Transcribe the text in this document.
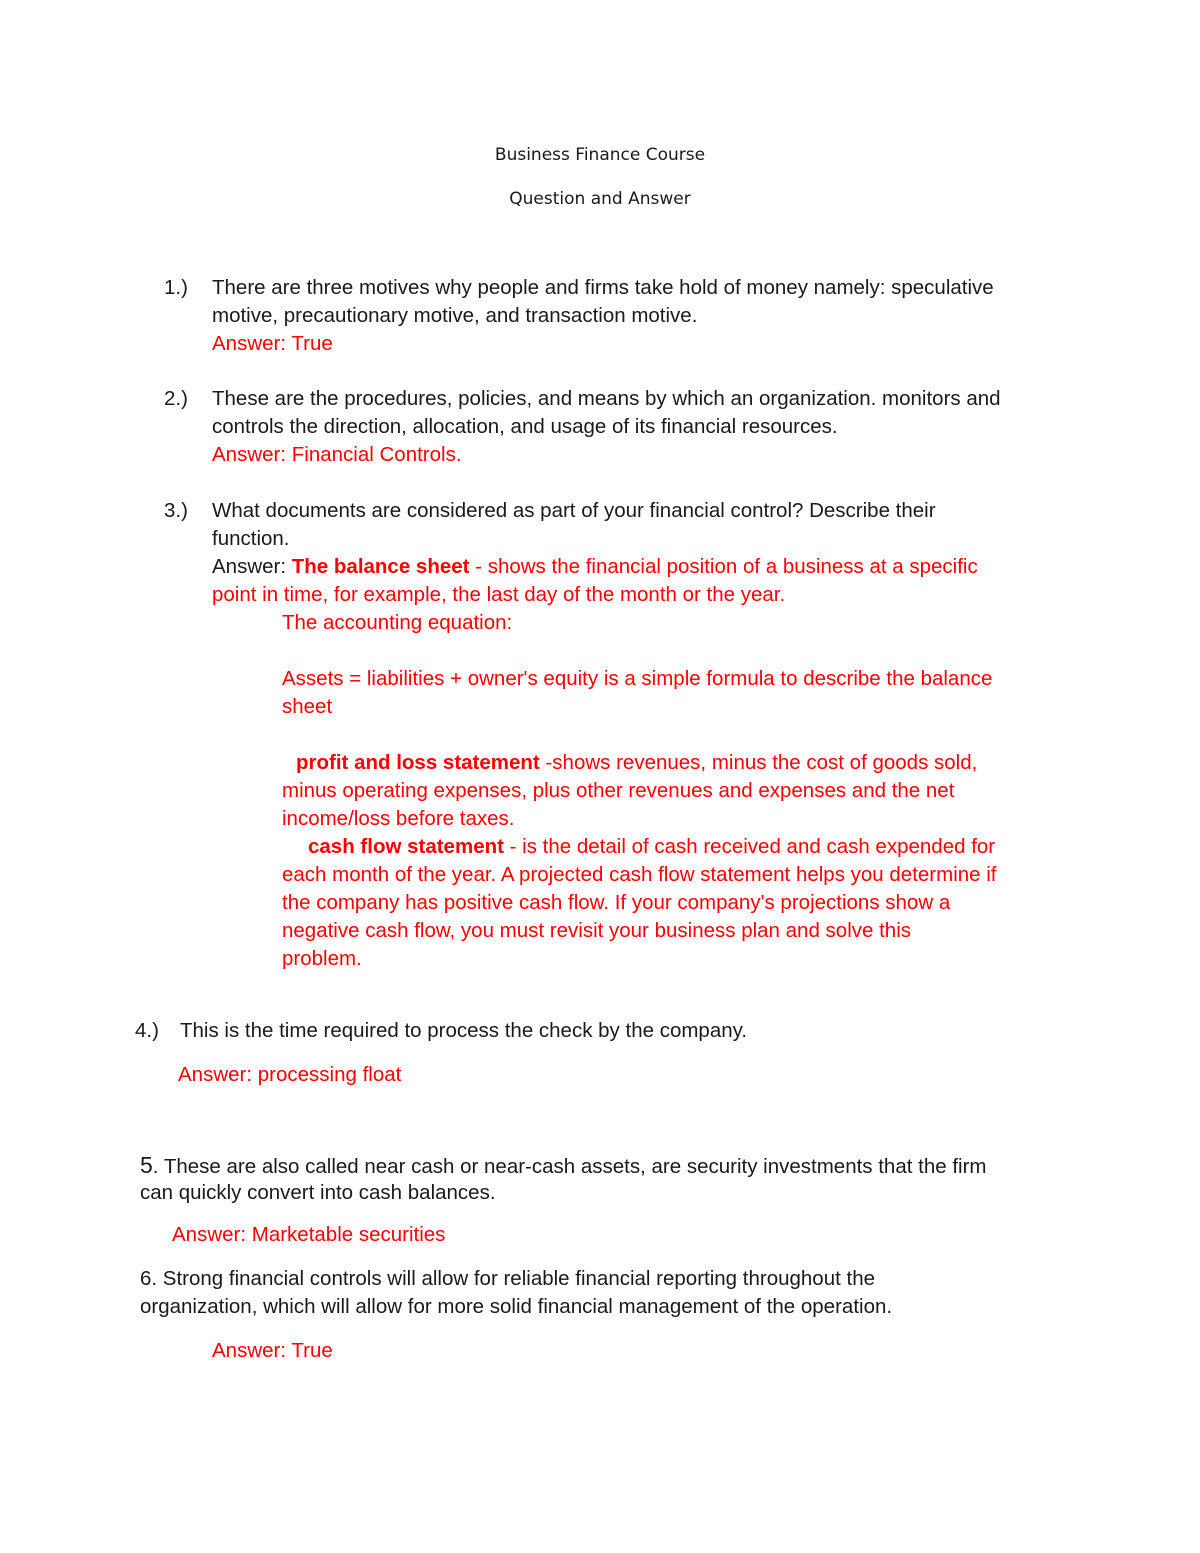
Business Finance Course
Question and Answer
1.) There are three motives why people and firms take hold of money namely: speculative
motive, precautionary motive, and transaction motive.
Answer: True
2.) These are the procedures, policies, and means by which an organization. monitors and
controls the direction, allocation, and usage of its financial resources.
Answer: Financial Controls.
3.) What documents are considered as part of your financial control? Describe their
function.
Answer: The balance sheet - shows the financial position of a business at a specific
point in time, for example, the last day of the month or the year.
The accounting equation:
Assets = liabilities + owner's equity is a simple formula to describe the balance
sheet
profit and loss statement -shows revenues, minus the cost of goods sold,
minus operating expenses, plus other revenues and expenses and the net
income/loss before taxes.
cash flow statement - is the detail of cash received and cash expended for
each month of the year. A projected cash flow statement helps you determine if
the company has positive cash flow. If your company's projections show a
negative cash flow, you must revisit your business plan and solve this
problem.
4.) This is the time required to process the check by the company.
Answer: processing float
5. These are also called near cash or near-cash assets, are security investments that the firm
can quickly convert into cash balances.
Answer: Marketable securities
6. Strong financial controls will allow for reliable financial reporting throughout the
organization, which will allow for more solid financial management of the operation.
Answer: True
